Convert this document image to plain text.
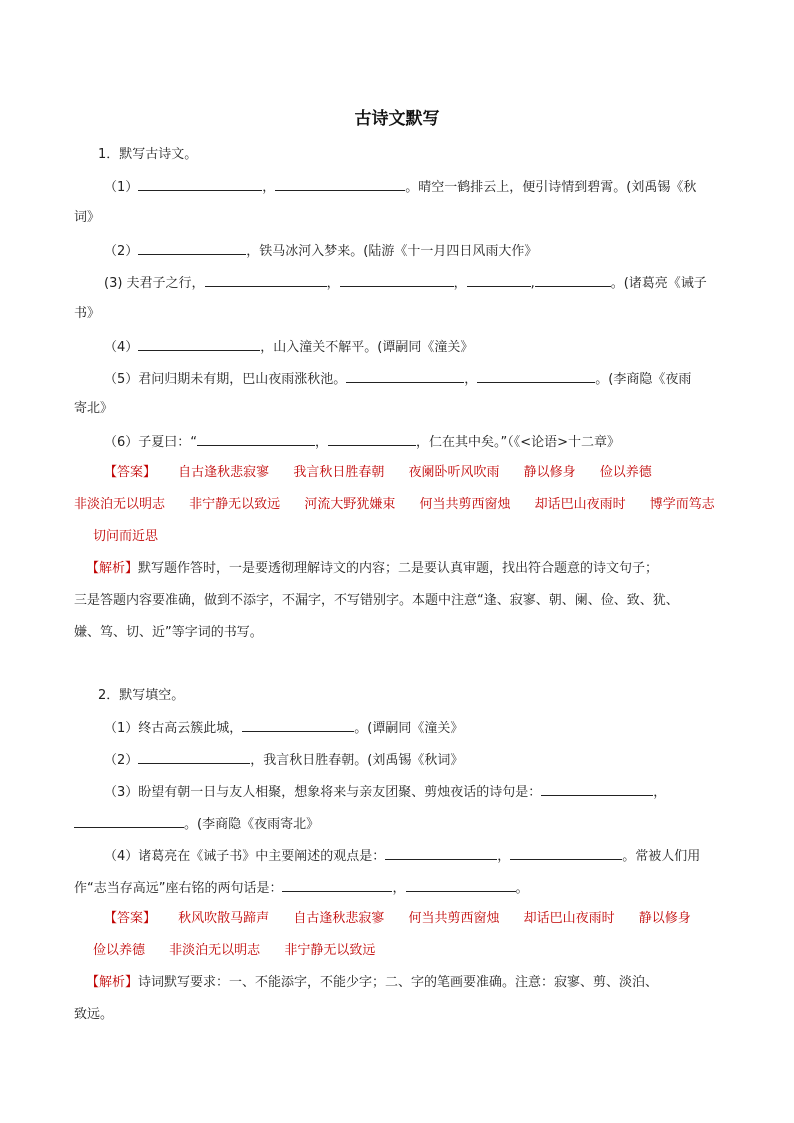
古诗文默写
1．默写古诗文。
（1）	，	。晴空一鹤排云上，便引诗情到碧霄。(刘禹锡《秋
词》
（2）	，铁马冰河入梦来。(陆游《十一月四日风雨大作》
(3) 夫君子之行，	，	，	,	。(诸葛亮《诫子
书》
（4）	，山入潼关不解平。(谭嗣同《潼关》
（5）君问归期未有期，巴山夜雨涨秋池。	，	。(李商隐《夜雨
寄北》
（6）子夏曰：“	，	，仁在其中矣。”（《<论语>十二章》
【答案】 自古逢秋悲寂寥 我言秋日胜春朝 夜阑卧听风吹雨 静以修身 俭以养德
非淡泊无以明志 非宁静无以致远 河流大野犹嫌束 何当共剪西窗烛 却话巴山夜雨时 博学而笃志
切问而近思
【解析】默写题作答时，一是要透彻理解诗文的内容；二是要认真审题，找出符合题意的诗文句子；
三是答题内容要准确，做到不添字，不漏字，不写错别字。本题中注意“逢、寂寥、朝、阑、俭、致、犹、
嫌、笃、切、近”等字词的书写。
2．默写填空。
（1）终古高云簇此城，	。(谭嗣同《潼关》
（2）	，我言秋日胜春朝。(刘禹锡《秋词》
（3）盼望有朝一日与友人相聚，想象将来与亲友团聚、剪烛夜话的诗句是：	，
。(李商隐《夜雨寄北》
（4）诸葛亮在《诫子书》中主要阐述的观点是：	，	。常被人们用
作“志当存高远”座右铭的两句话是：	，	。
【答案】 秋风吹散马蹄声 自古逢秋悲寂寥 何当共剪西窗烛 却话巴山夜雨时 静以修身
俭以养德 非淡泊无以明志 非宁静无以致远
【解析】诗词默写要求：一、不能添字，不能少字；二、字的笔画要准确。注意：寂寥、剪、淡泊、
致远。
